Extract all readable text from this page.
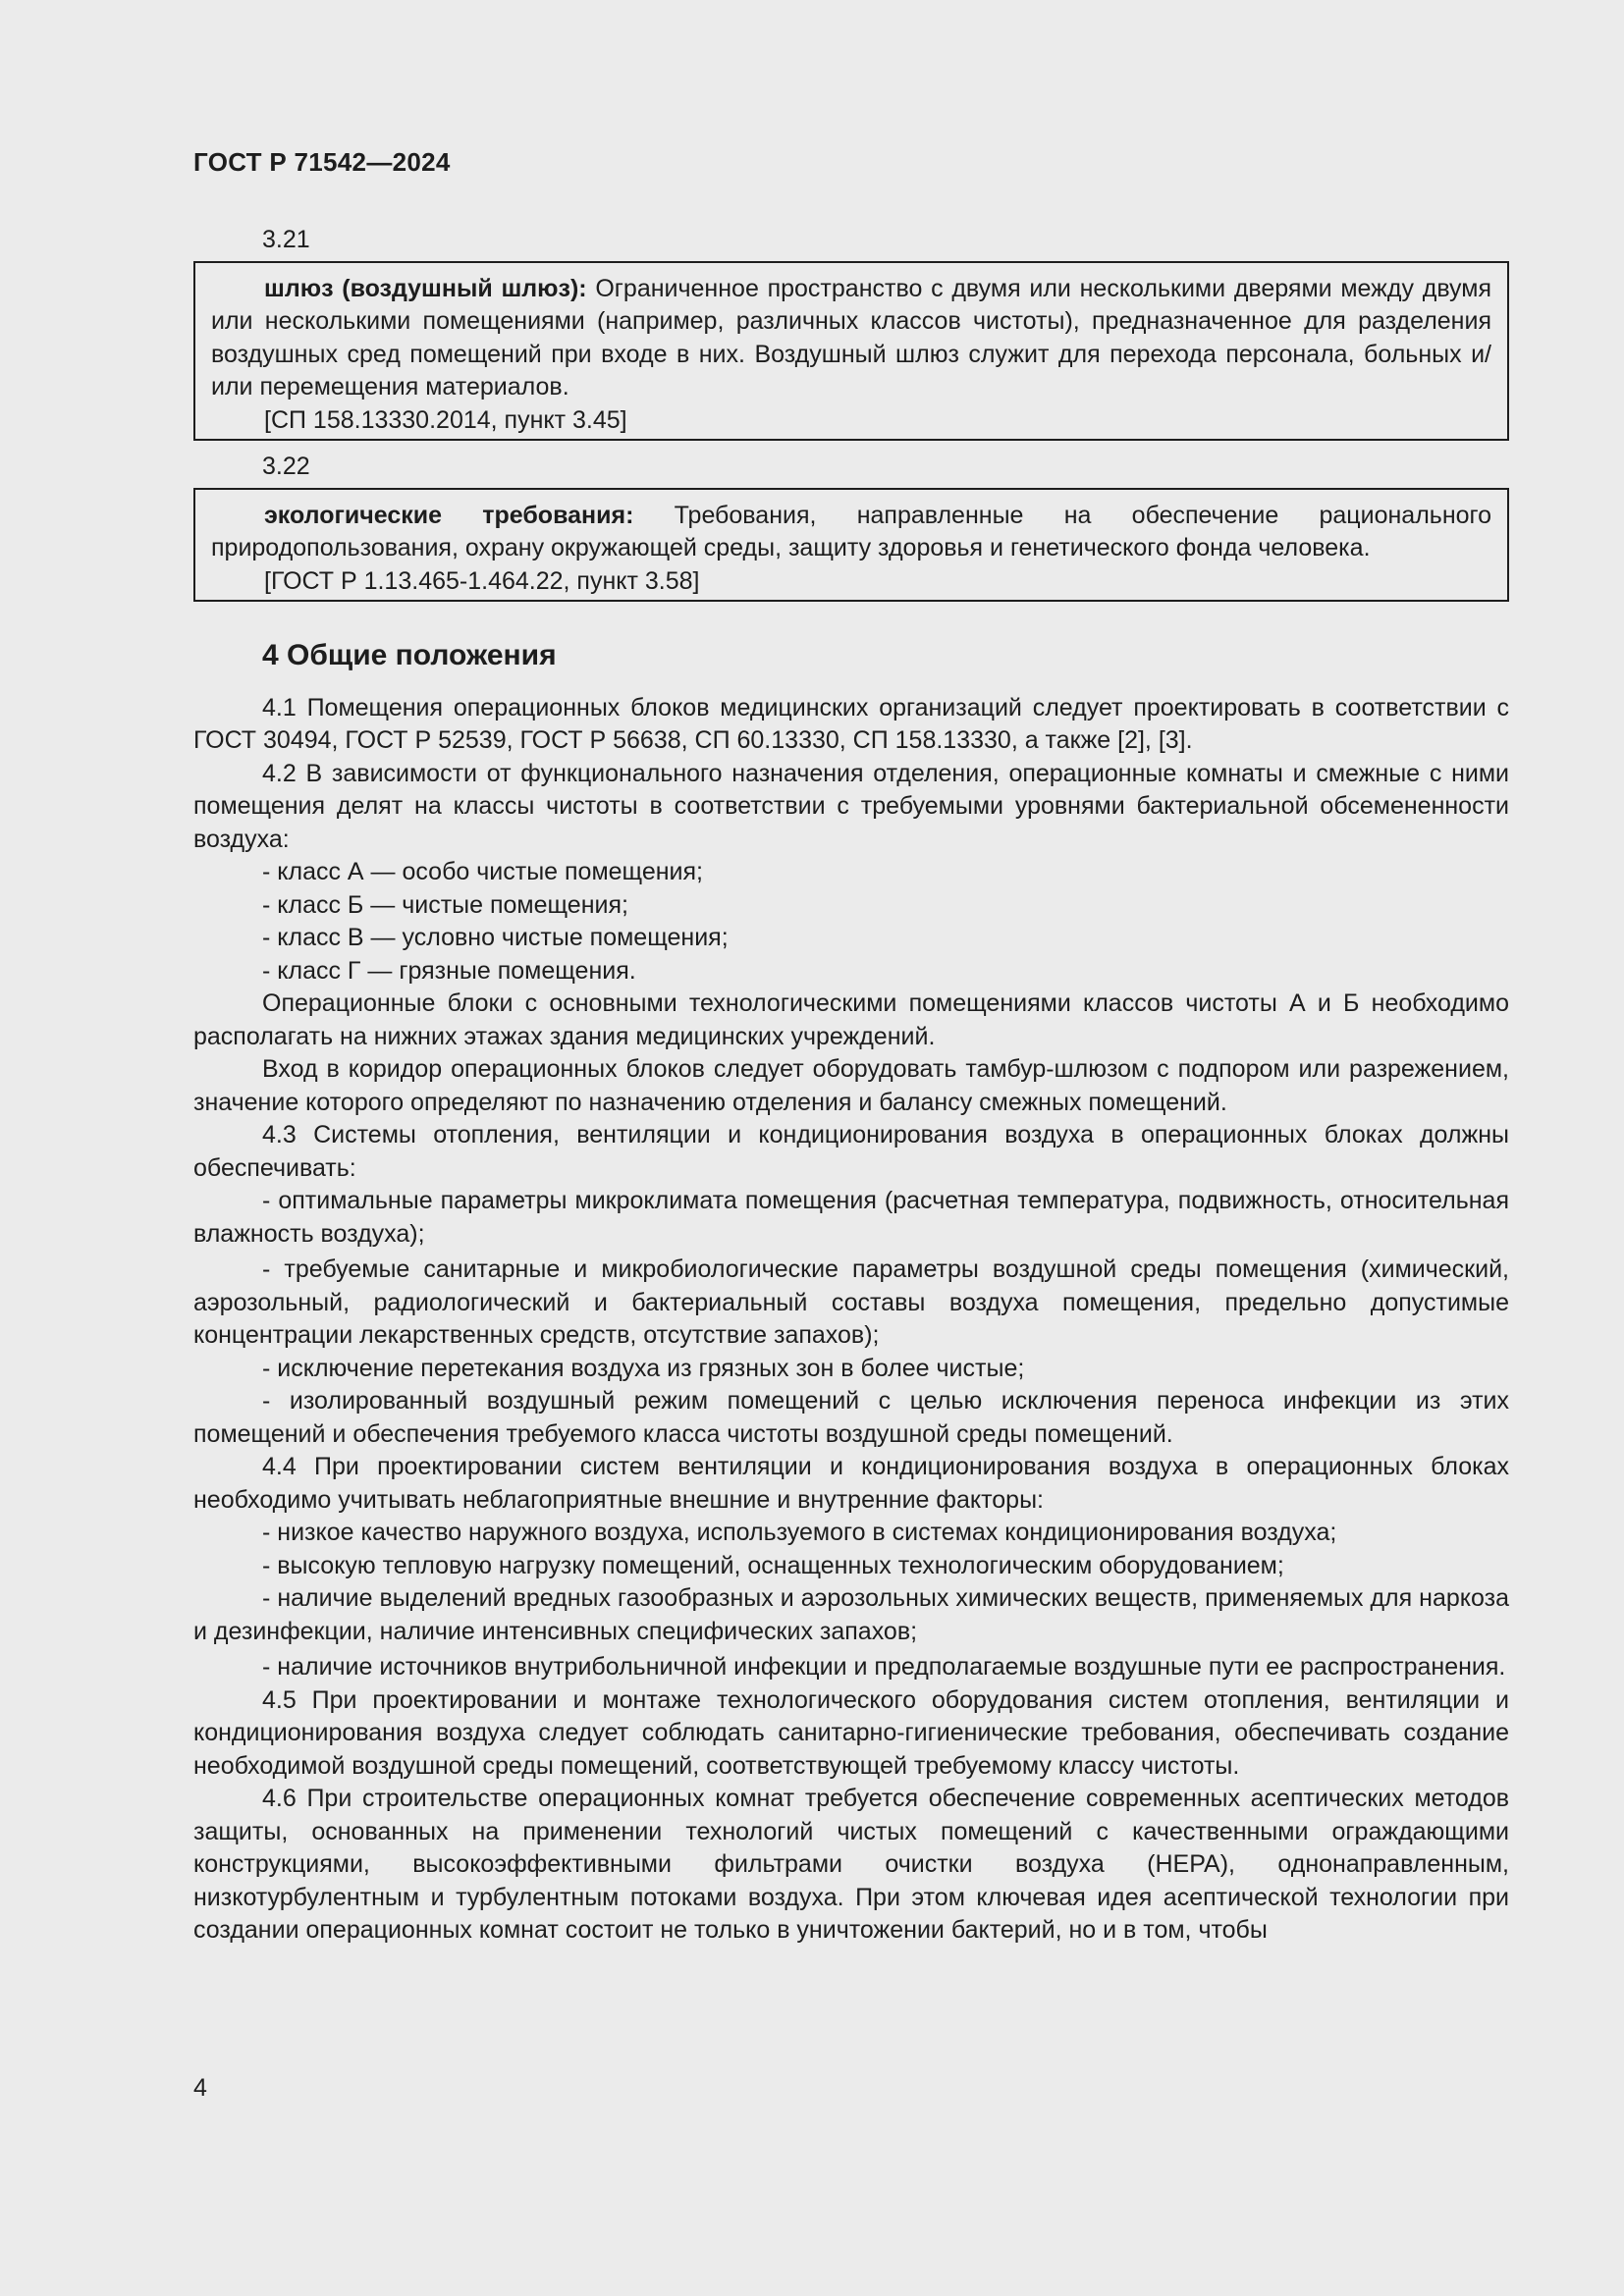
ГОСТ Р 71542—2024

3.21

шлюз (воздушный шлюз): Ограниченное пространство с двумя или несколькими дверями между двумя или несколькими помещениями (например, различных классов чистоты), предназначенное для разделения воздушных сред помещений при входе в них. Воздушный шлюз служит для перехода персонала, больных и/или перемещения материалов.

[СП 158.13330.2014, пункт 3.45]

3.22

экологические требования: Требования, направленные на обеспечение рационального природопользования, охрану окружающей среды, защиту здоровья и генетического фонда человека.

[ГОСТ Р 1.13.465-1.464.22, пункт 3.58]

4 Общие положения

4.1 Помещения операционных блоков медицинских организаций следует проектировать в соответствии с ГОСТ 30494, ГОСТ Р 52539, ГОСТ Р 56638, СП 60.13330, СП 158.13330, а также [2], [3].

4.2 В зависимости от функционального назначения отделения, операционные комнаты и смежные с ними помещения делят на классы чистоты в соответствии с требуемыми уровнями бактериальной обсемененности воздуха:

- класс А — особо чистые помещения;

- класс Б — чистые помещения;

- класс В — условно чистые помещения;

- класс Г — грязные помещения.

Операционные блоки с основными технологическими помещениями классов чистоты А и Б необходимо располагать на нижних этажах здания медицинских учреждений.

Вход в коридор операционных блоков следует оборудовать тамбур-шлюзом с подпором или разрежением, значение которого определяют по назначению отделения и балансу смежных помещений.

4.3 Системы отопления, вентиляции и кондиционирования воздуха в операционных блоках должны обеспечивать:

- оптимальные параметры микроклимата помещения (расчетная температура, подвижность, относительная влажность воздуха);

- требуемые санитарные и микробиологические параметры воздушной среды помещения (химический, аэрозольный, радиологический и бактериальный составы воздуха помещения, предельно допустимые концентрации лекарственных средств, отсутствие запахов);

- исключение перетекания воздуха из грязных зон в более чистые;

- изолированный воздушный режим помещений с целью исключения переноса инфекции из этих помещений и обеспечения требуемого класса чистоты воздушной среды помещений.

4.4 При проектировании систем вентиляции и кондиционирования воздуха в операционных блоках необходимо учитывать неблагоприятные внешние и внутренние факторы:

- низкое качество наружного воздуха, используемого в системах кондиционирования воздуха;

- высокую тепловую нагрузку помещений, оснащенных технологическим оборудованием;

- наличие выделений вредных газообразных и аэрозольных химических веществ, применяемых для наркоза и дезинфекции, наличие интенсивных специфических запахов;

- наличие источников внутрибольничной инфекции и предполагаемые воздушные пути ее распространения.

4.5 При проектировании и монтаже технологического оборудования систем отопления, вентиляции и кондиционирования воздуха следует соблюдать санитарно-гигиенические требования, обеспечивать создание необходимой воздушной среды помещений, соответствующей требуемому классу чистоты.

4.6 При строительстве операционных комнат требуется обеспечение современных асептических методов защиты, основанных на применении технологий чистых помещений с качественными ограждающими конструкциями, высокоэффективными фильтрами очистки воздуха (HEPA), однонаправленным, низкотурбулентным и турбулентным потоками воздуха. При этом ключевая идея асептической технологии при создании операционных комнат состоит не только в уничтожении бактерий, но и в том, чтобы

4
